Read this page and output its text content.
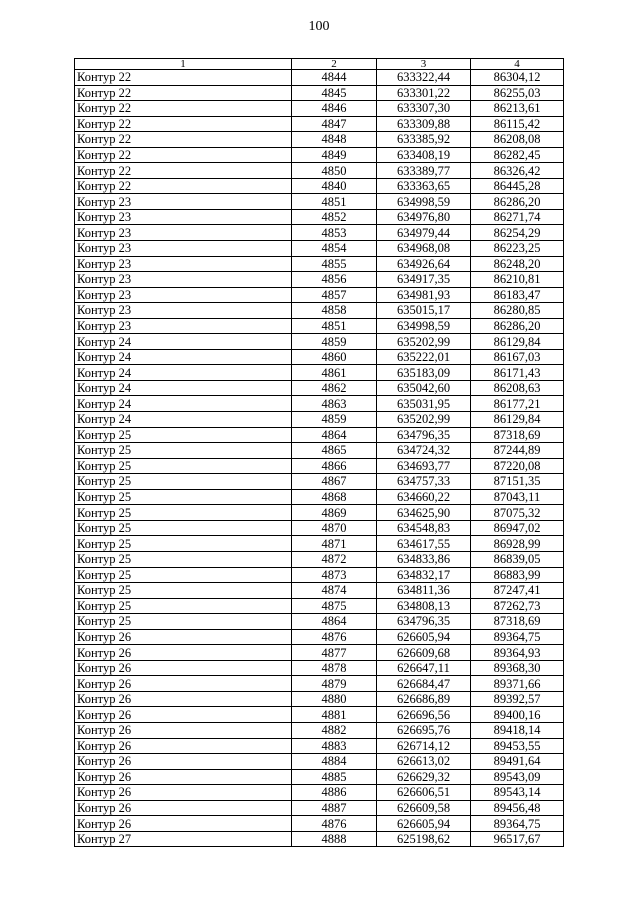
100
1	2	3	4
Контур 22	4844	633322,44	86304,12
Контур 22	4845	633301,22	86255,03
Контур 22	4846	633307,30	86213,61
Контур 22	4847	633309,88	86115,42
Контур 22	4848	633385,92	86208,08
Контур 22	4849	633408,19	86282,45
Контур 22	4850	633389,77	86326,42
Контур 22	4840	633363,65	86445,28
Контур 23	4851	634998,59	86286,20
Контур 23	4852	634976,80	86271,74
Контур 23	4853	634979,44	86254,29
Контур 23	4854	634968,08	86223,25
Контур 23	4855	634926,64	86248,20
Контур 23	4856	634917,35	86210,81
Контур 23	4857	634981,93	86183,47
Контур 23	4858	635015,17	86280,85
Контур 23	4851	634998,59	86286,20
Контур 24	4859	635202,99	86129,84
Контур 24	4860	635222,01	86167,03
Контур 24	4861	635183,09	86171,43
Контур 24	4862	635042,60	86208,63
Контур 24	4863	635031,95	86177,21
Контур 24	4859	635202,99	86129,84
Контур 25	4864	634796,35	87318,69
Контур 25	4865	634724,32	87244,89
Контур 25	4866	634693,77	87220,08
Контур 25	4867	634757,33	87151,35
Контур 25	4868	634660,22	87043,11
Контур 25	4869	634625,90	87075,32
Контур 25	4870	634548,83	86947,02
Контур 25	4871	634617,55	86928,99
Контур 25	4872	634833,86	86839,05
Контур 25	4873	634832,17	86883,99
Контур 25	4874	634811,36	87247,41
Контур 25	4875	634808,13	87262,73
Контур 25	4864	634796,35	87318,69
Контур 26	4876	626605,94	89364,75
Контур 26	4877	626609,68	89364,93
Контур 26	4878	626647,11	89368,30
Контур 26	4879	626684,47	89371,66
Контур 26	4880	626686,89	89392,57
Контур 26	4881	626696,56	89400,16
Контур 26	4882	626695,76	89418,14
Контур 26	4883	626714,12	89453,55
Контур 26	4884	626613,02	89491,64
Контур 26	4885	626629,32	89543,09
Контур 26	4886	626606,51	89543,14
Контур 26	4887	626609,58	89456,48
Контур 26	4876	626605,94	89364,75
Контур 27	4888	625198,62	96517,67
